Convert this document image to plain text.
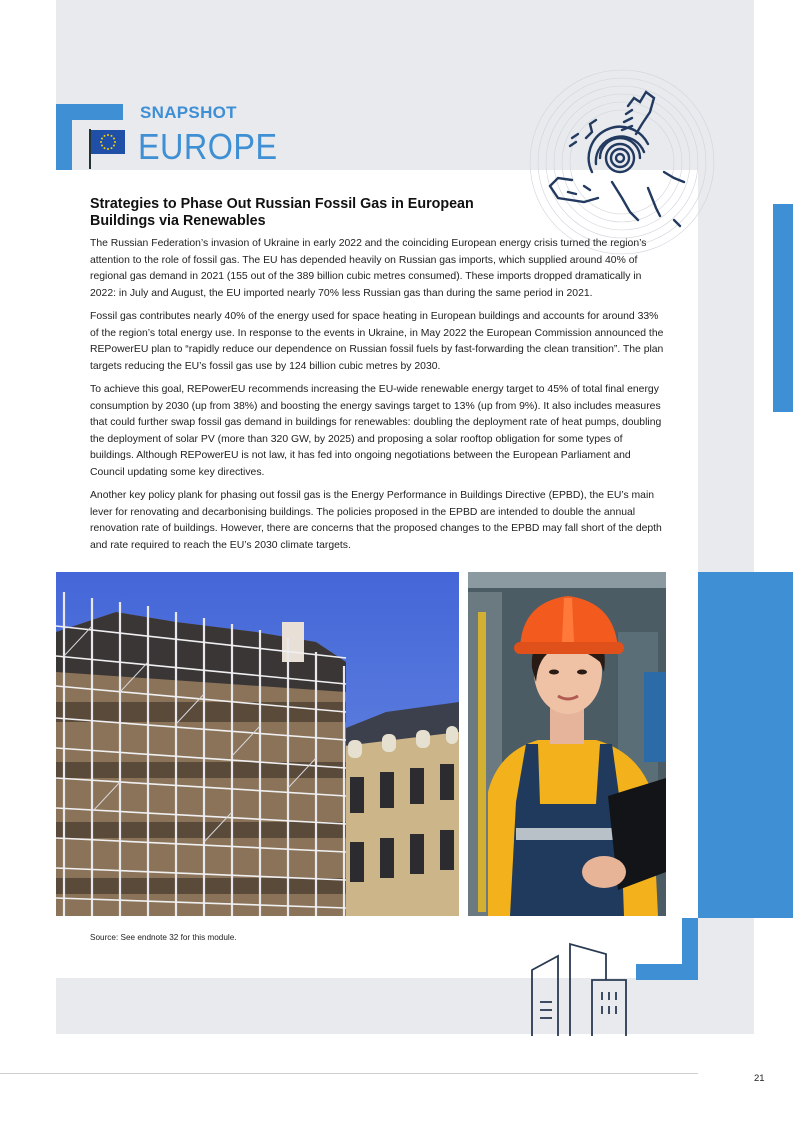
SNAPSHOT
EUROPE
Strategies to Phase Out Russian Fossil Gas in European Buildings via Renewables

The Russian Federation’s invasion of Ukraine in early 2022 and the coinciding European energy crisis turned the region’s attention to the role of fossil gas. The EU has depended heavily on Russian gas imports, which supplied around 40% of regional gas demand in 2021 (155 out of the 389 billion cubic metres consumed). These imports dropped dramatically in 2022: in July and August, the EU imported nearly 70% less Russian gas than during the same period in 2021.

Fossil gas contributes nearly 40% of the energy used for space heating in European buildings and accounts for around 33% of the region’s total energy use. In response to the events in Ukraine, in May 2022 the European Commission announced the REPowerEU plan to “rapidly reduce our dependence on Russian fossil fuels by fast-forwarding the clean transition”. The plan targets reducing the EU’s fossil gas use by 124 billion cubic metres by 2030.

To achieve this goal, REPowerEU recommends increasing the EU-wide renewable energy target to 45% of total final energy consumption by 2030 (up from 38%) and boosting the energy savings target to 13% (up from 9%). It also includes measures that could further swap fossil gas demand in buildings for renewables: doubling the deployment rate of heat pumps, doubling the deployment of solar PV (more than 320 GW, by 2025) and proposing a solar rooftop obligation for some types of buildings. Although REPowerEU is not law, it has fed into ongoing negotiations between the European Parliament and Council updating some key directives.

Another key policy plank for phasing out fossil gas is the Energy Performance in Buildings Directive (EPBD), the EU’s main lever for renovating and decarbonising buildings. The policies proposed in the EPBD are intended to double the annual renovation rate of buildings. However, there are concerns that the proposed changes to the EPBD may fall short of the depth and rate required to reach the EU’s 2030 climate targets.

Source: See endnote 32 for this module.
21
